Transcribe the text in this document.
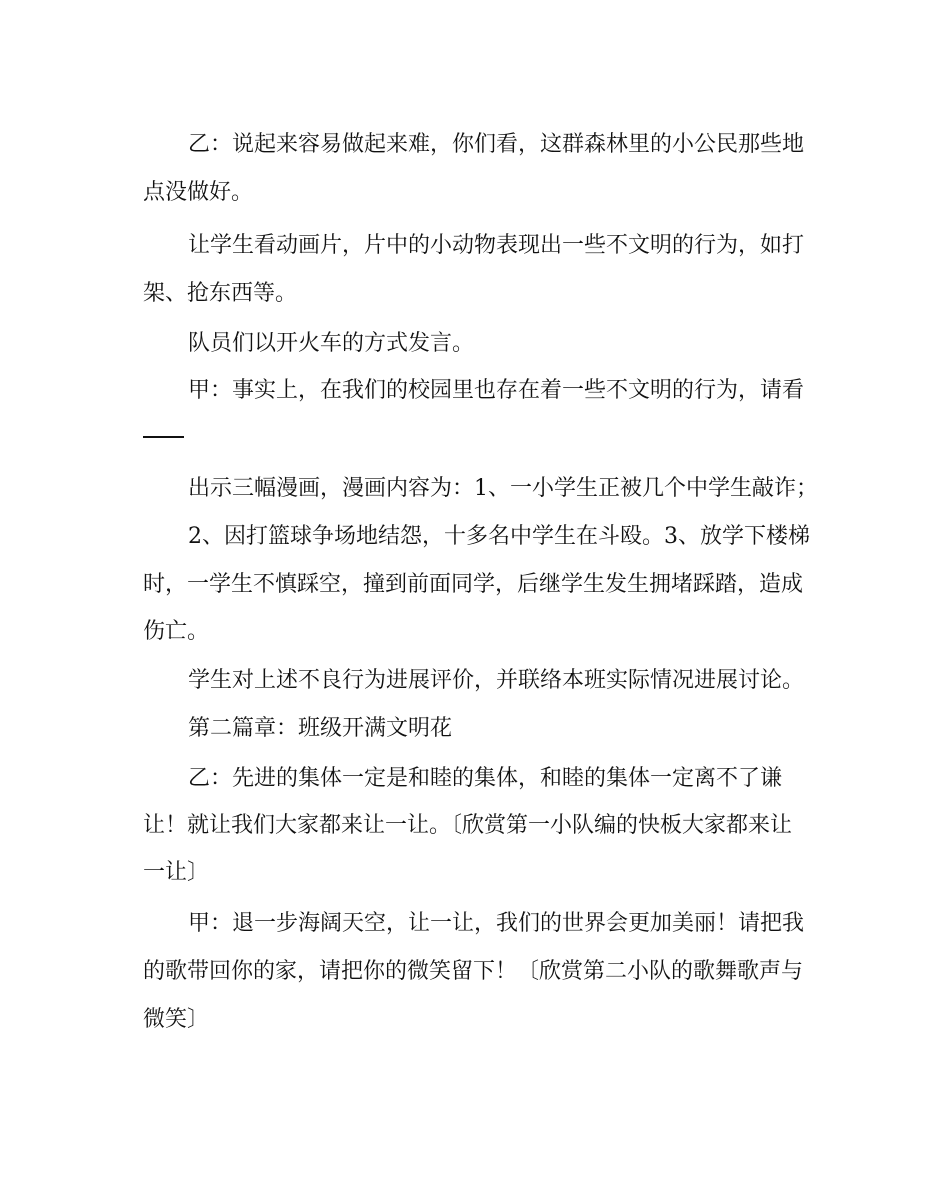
乙：说起来容易做起来难，你们看，这群森林里的小公民那些地

点没做好。

让学生看动画片，片中的小动物表现出一些不文明的行为，如打

架、抢东西等。

队员们以开火车的方式发言。

甲：事实上，在我们的校园里也存在着一些不文明的行为，请看

出示三幅漫画，漫画内容为：1、一小学生正被几个中学生敲诈；

2、因打篮球争场地结怨，十多名中学生在斗殴。3、放学下楼梯

时，一学生不慎踩空，撞到前面同学，后继学生发生拥堵踩踏，造成

伤亡。

学生对上述不良行为进展评价，并联络本班实际情况进展讨论。

第二篇章：班级开满文明花

乙：先进的集体一定是和睦的集体，和睦的集体一定离不了谦

让！就让我们大家都来让一让。〔欣赏第一小队编的快板大家都来让

一让〕

甲：退一步海阔天空，让一让，我们的世界会更加美丽！请把我

的歌带回你的家，请把你的微笑留下！〔欣赏第二小队的歌舞歌声与

微笑〕
